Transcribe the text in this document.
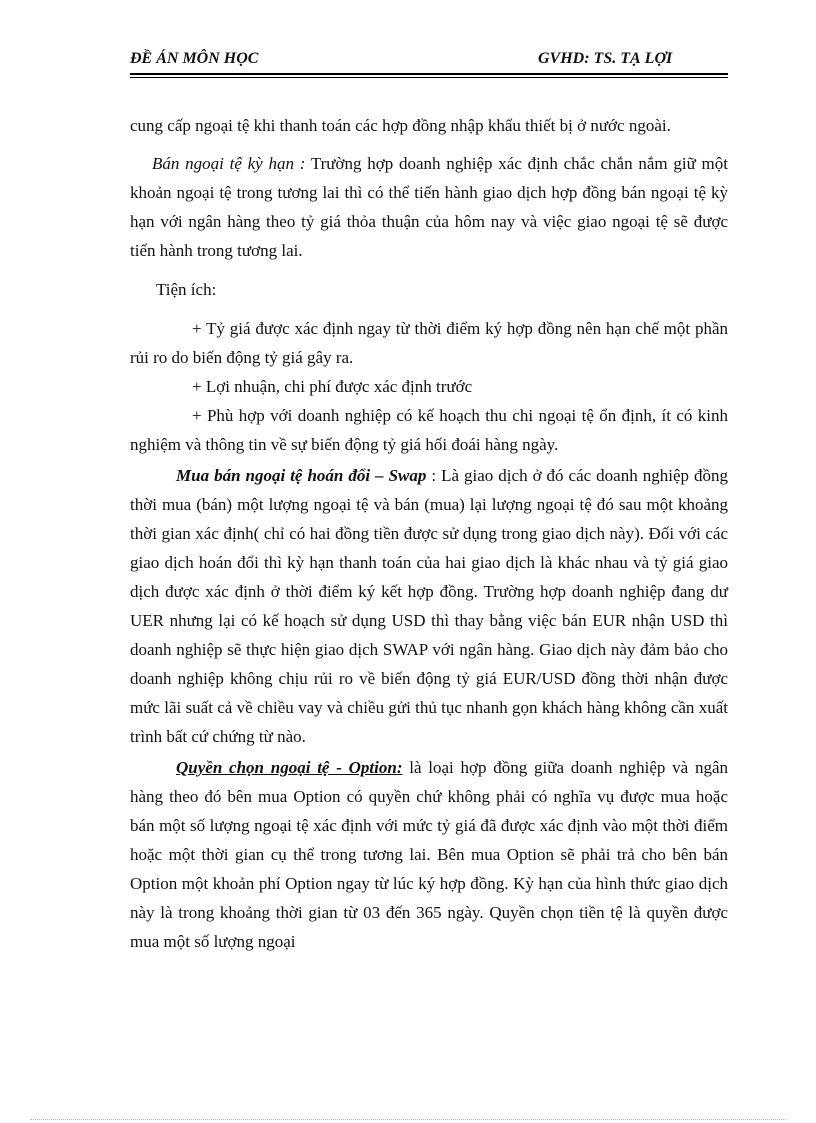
ĐỀ ÁN MÔN HỌC	GVHD: TS. TẠ LỢI

cung cấp ngoại tệ khi thanh toán các hợp đồng nhập khẩu thiết bị ở nước ngoài.

Bán ngoại tệ kỳ hạn : Trường hợp doanh nghiệp xác định chắc chắn nắm giữ một khoản ngoại tệ trong tương lai thì có thể tiến hành giao dịch hợp đồng bán ngoại tệ kỳ hạn với ngân hàng theo tỷ giá thỏa thuận của hôm nay và việc giao ngoại tệ sẽ được tiến hành trong tương lai.

Tiện ích:

+ Tỷ giá được xác định ngay từ thời điểm ký hợp đồng nên hạn chế một phần rủi ro do biến động tỷ giá gây ra.

+ Lợi nhuận, chi phí được xác định trước

+ Phù hợp với doanh nghiệp có kế hoạch thu chi ngoại tệ ổn định, ít có kinh nghiệm và thông tin về sự biến động tỷ giá hối đoái hàng ngày.

Mua bán ngoại tệ hoán đổi – Swap : Là giao dịch ở đó các doanh nghiệp đồng thời mua (bán) một lượng ngoại tệ và bán (mua) lại lượng ngoại tệ đó sau một khoảng thời gian xác định( chỉ có hai đồng tiền được sử dụng trong giao dịch này). Đối với các giao dịch hoán đổi thì kỳ hạn thanh toán của hai giao dịch là khác nhau và tỷ giá giao dịch được xác định ở thời điểm ký kết hợp đồng. Trường hợp doanh nghiệp đang dư UER nhưng lại có kế hoạch sử dụng USD thì thay bằng việc bán EUR nhận USD thì doanh nghiệp sẽ thực hiện giao dịch SWAP với ngân hàng. Giao dịch này đảm bảo cho doanh nghiệp không chịu rủi ro về biến động tỷ giá EUR/USD đồng thời nhận được mức lãi suất cả về chiều vay và chiều gửi thủ tục nhanh gọn khách hàng không cần xuất trình bất cứ chứng từ nào.

Quyền chọn ngoại tệ - Option: là loại hợp đồng giữa doanh nghiệp và ngân hàng theo đó bên mua Option có quyền chứ không phải có nghĩa vụ được mua hoặc bán một số lượng ngoại tệ xác định với mức tỷ giá đã được xác định vào một thời điểm hoặc một thời gian cụ thể trong tương lai. Bên mua Option sẽ phải trả cho bên bán Option một khoản phí Option ngay từ lúc ký hợp đồng. Kỳ hạn của hình thức giao dịch này là trong khoảng thời gian từ 03 đến 365 ngày. Quyền chọn tiền tệ là quyền được mua một số lượng ngoại
